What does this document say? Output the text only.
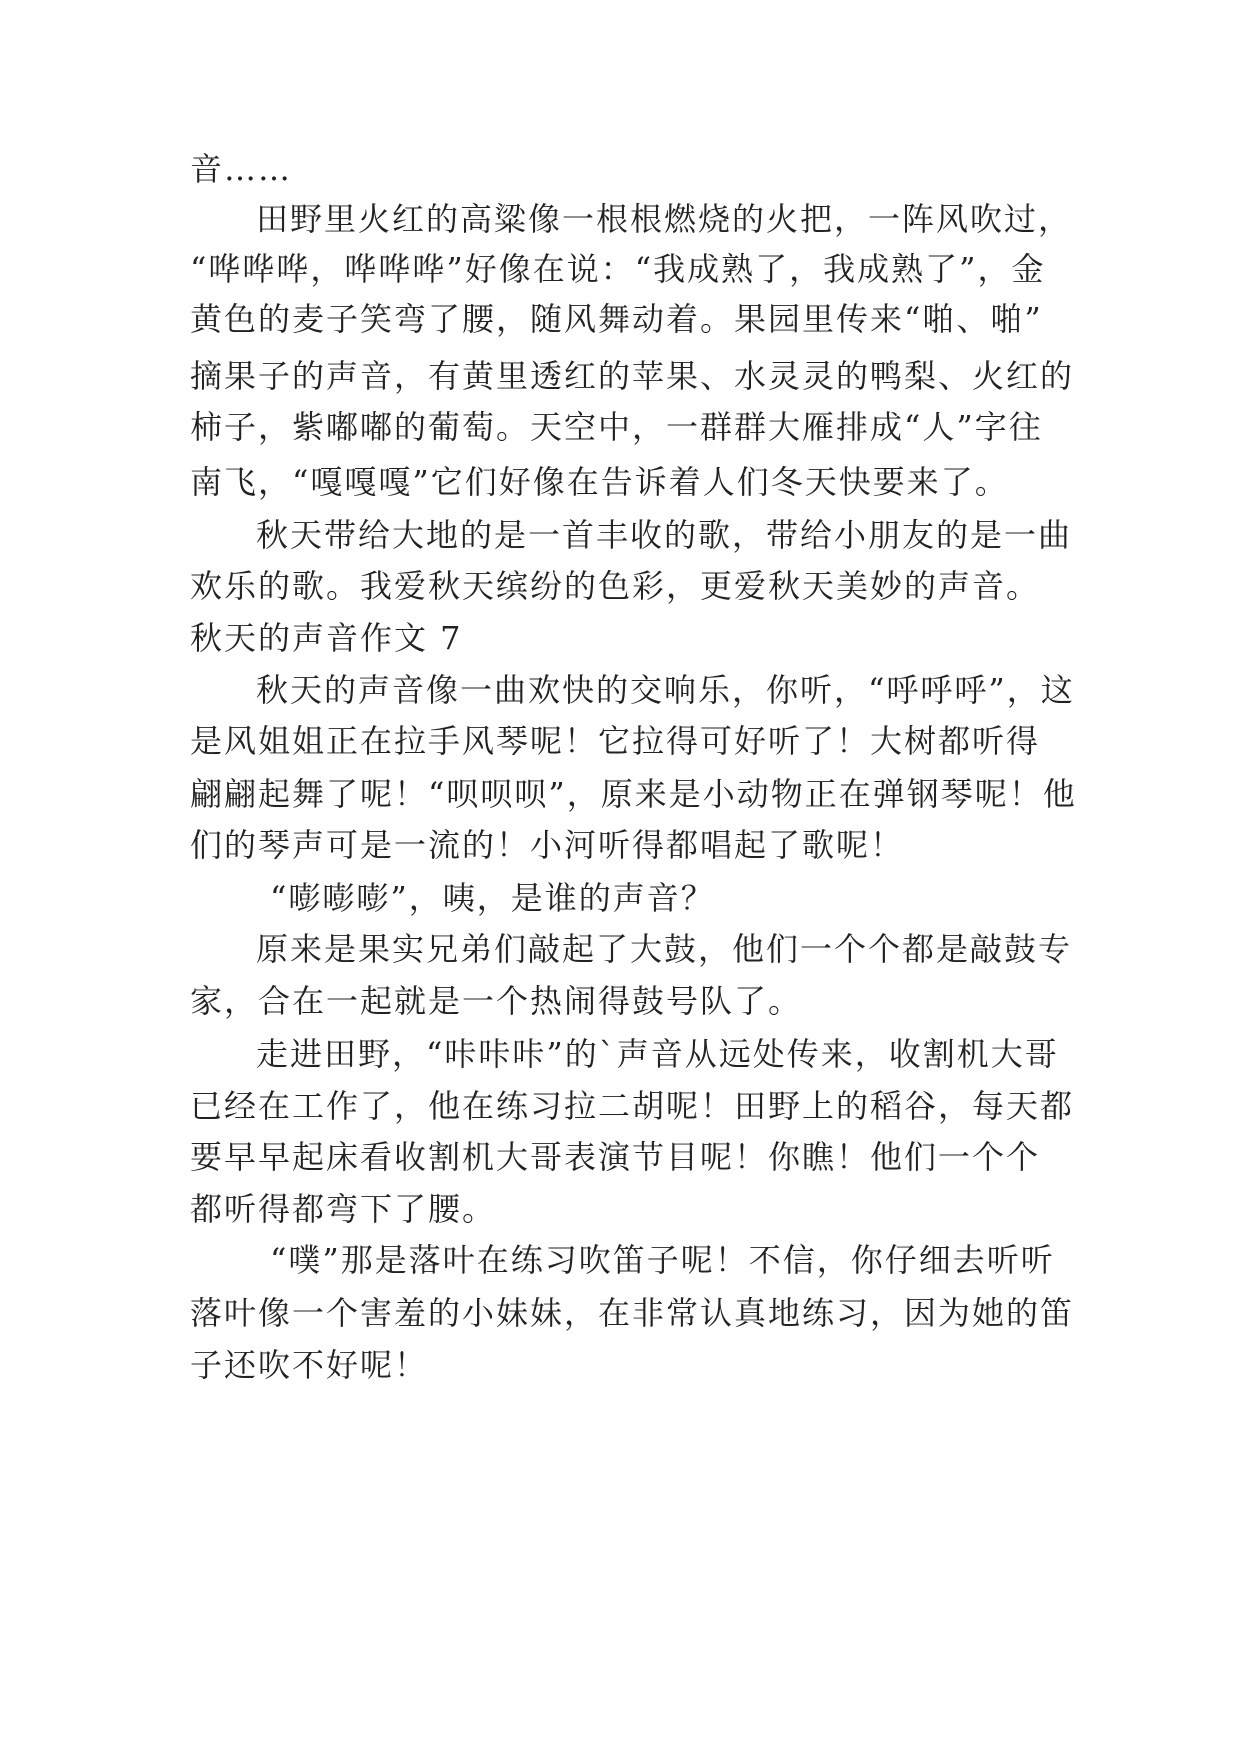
音……
田野里火红的高粱像一根根燃烧的火把，一阵风吹过，
“哗哗哗，哗哗哗”好像在说：“我成熟了，我成熟了”，金
黄色的麦子笑弯了腰，随风舞动着。果园里传来“啪、啪”
摘果子的声音，有黄里透红的苹果、水灵灵的鸭梨、火红的
柿子，紫嘟嘟的葡萄。天空中，一群群大雁排成“人”字往
南飞，“嘎嘎嘎”它们好像在告诉着人们冬天快要来了。
秋天带给大地的是一首丰收的歌，带给小朋友的是一曲
欢乐的歌。我爱秋天缤纷的色彩，更爱秋天美妙的声音。
秋天的声音作文 7
秋天的声音像一曲欢快的交响乐，你听，“呼呼呼”，这
是风姐姐正在拉手风琴呢！它拉得可好听了！大树都听得
翩翩起舞了呢！“呗呗呗”，原来是小动物正在弹钢琴呢！他
们的琴声可是一流的！小河听得都唱起了歌呢！
“嘭嘭嘭”，咦，是谁的声音？
原来是果实兄弟们敲起了大鼓，他们一个个都是敲鼓专
家，合在一起就是一个热闹得鼓号队了。
走进田野，“咔咔咔”的`声音从远处传来，收割机大哥
已经在工作了，他在练习拉二胡呢！田野上的稻谷，每天都
要早早起床看收割机大哥表演节目呢！你瞧！他们一个个
都听得都弯下了腰。
“噗”那是落叶在练习吹笛子呢！不信，你仔细去听听
落叶像一个害羞的小妹妹，在非常认真地练习，因为她的笛
子还吹不好呢！
